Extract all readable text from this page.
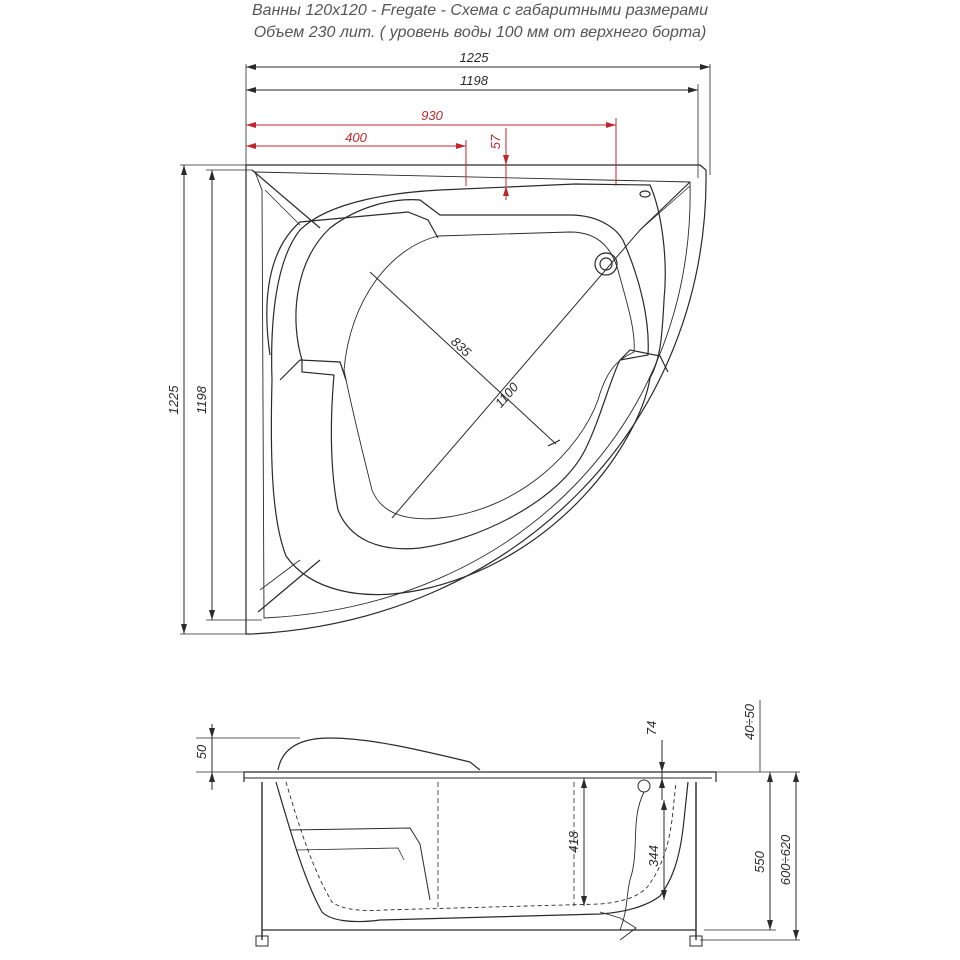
Ванны 120х120 - Fregate - Схема с габаритными размерами
Объем 230 лит. ( уровень воды 100 мм от верхнего борта)
1225
1198
930
400	57
1225 1198
835
1100
50
74	40÷50
418
344	550 600÷620
